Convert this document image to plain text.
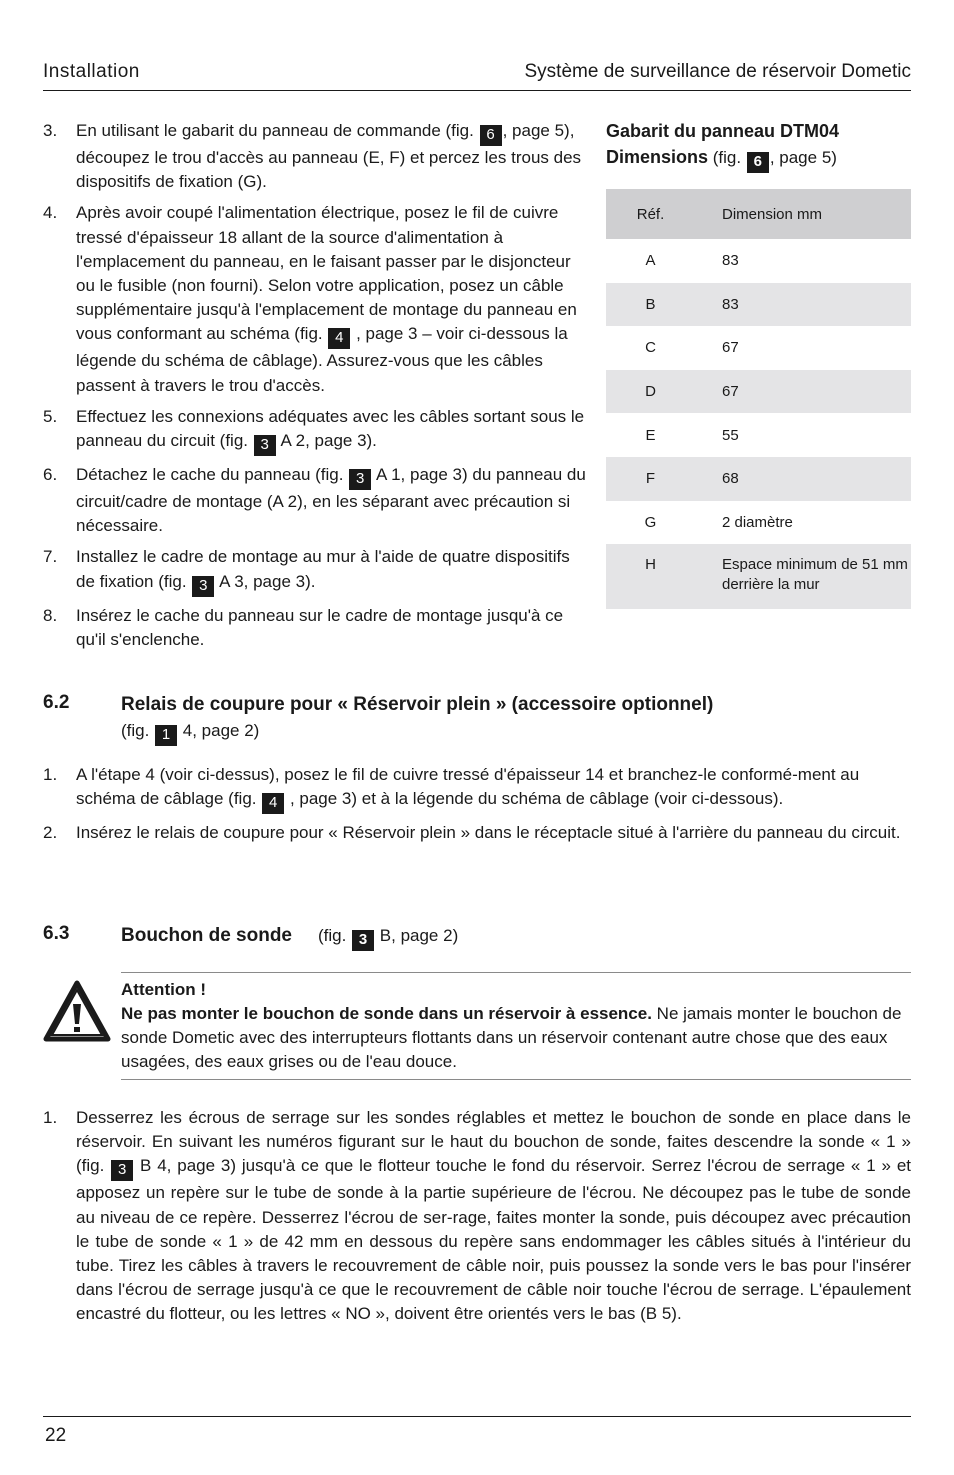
Installation	Système de surveillance de réservoir Dometic
3. En utilisant le gabarit du panneau de commande (fig. 6 , page 5), découpez le trou d'accès au panneau (E, F) et percez les trous des dispositifs de fixation (G).
4. Après avoir coupé l'alimentation électrique, posez le fil de cuivre tressé d'épaisseur 18 allant de la source d'alimentation à l'emplacement du panneau, en le faisant passer par le disjoncteur ou le fusible (non fourni). Selon votre application, posez un câble supplémentaire jusqu'à l'emplacement de montage du panneau en vous conformant au schéma (fig. 4 , page 3 – voir ci-dessous la légende du schéma de câblage). Assurez-vous que les câbles passent à travers le trou d'accès.
5. Effectuez les connexions adéquates avec les câbles sortant sous le panneau du circuit (fig. 3 A 2, page 3).
6. Détachez le cache du panneau (fig. 3 A 1, page 3) du panneau du circuit/cadre de montage (A 2), en les séparant avec précaution si nécessaire.
7. Installez le cadre de montage au mur à l'aide de quatre dispositifs de fixation (fig. 3 A 3, page 3).
8. Insérez le cache du panneau sur le cadre de montage jusqu'à ce qu'il s'enclenche.
Gabarit du panneau DTM04
Dimensions (fig. 6 , page 5)
Réf.	Dimension mm
A	83
B	83
C	67
D	67
E	55
F	68
G	2 diamètre
H	Espace minimum de 51 mm derrière la mur
6.2	Relais de coupure pour « Réservoir plein » (accessoire optionnel)
(fig. 1 4, page 2)
1. A l'étape 4 (voir ci-dessus), posez le fil de cuivre tressé d'épaisseur 14 et branchez-le conformé-ment au schéma de câblage (fig. 4 , page 3) et à la légende du schéma de câblage (voir ci-dessous).
2. Insérez le relais de coupure pour « Réservoir plein » dans le réceptacle situé à l'arrière du panneau du circuit.
6.3	Bouchon de sonde (fig. 3 B, page 2)
Attention !
Ne pas monter le bouchon de sonde dans un réservoir à essence. Ne jamais monter le bouchon de sonde Dometic avec des interrupteurs flottants dans un réservoir contenant autre chose que des eaux usagées, des eaux grises ou de l'eau douce.
1. Desserrez les écrous de serrage sur les sondes réglables et mettez le bouchon de sonde en place dans le réservoir. En suivant les numéros figurant sur le haut du bouchon de sonde, faites descendre la sonde « 1 » (fig. 3 B 4, page 3) jusqu'à ce que le flotteur touche le fond du réservoir. Serrez l'écrou de serrage « 1 » et apposez un repère sur le tube de sonde à la partie supérieure de l'écrou. Ne découpez pas le tube de sonde au niveau de ce repère. Desserrez l'écrou de ser-rage, faites monter la sonde, puis découpez avec précaution le tube de sonde « 1 » de 42 mm en dessous du repère sans endommager les câbles situés à l'intérieur du tube. Tirez les câbles à travers le recouvrement de câble noir, puis poussez la sonde vers le bas pour l'insérer dans l'écrou de serrage jusqu'à ce que le recouvrement de câble noir touche l'écrou de serrage. L'épaulement encastré du flotteur, ou les lettres « NO », doivent être orientés vers le bas (B 5).
22
